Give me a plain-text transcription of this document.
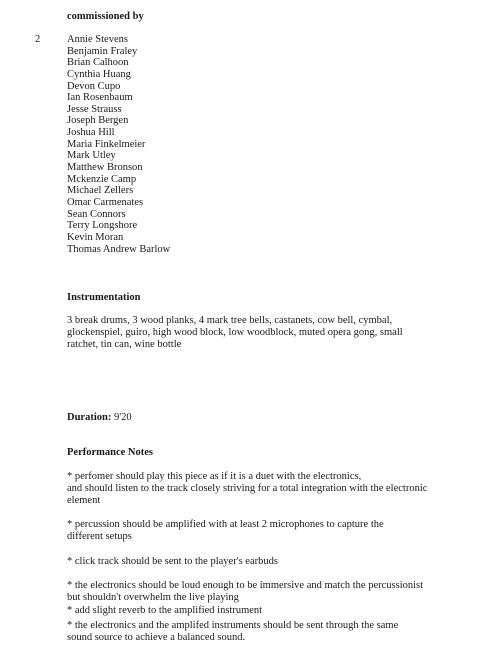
2
commissioned by
Annie Stevens
Benjamin Fraley
Brian Calhoon
Cynthia Huang
Devon Cupo
Ian Rosenbaum
Jesse Strauss
Joseph Bergen
Joshua Hill
Maria Finkelmeier
Mark Utley
Matthew Bronson
Mckenzie Camp
Michael Zellers
Omar Carmenates
Sean Connors
Terry Longshore
Kevin Moran
Thomas Andrew Barlow
Instrumentation
3 break drums, 3 wood planks, 4 mark tree bells, castanets, cow bell, cymbal,
glockenspiel, guiro, high wood block, low woodblock, muted opera gong, small
ratchet, tin can, wine bottle
Duration: 9'20
Performance Notes
* perfomer should play this piece as if it is a duet with the electronics,
and should listen to the track closely striving for a total integration with the electronic
element
* percussion should be amplified with at least 2 microphones to capture the
different setups
* click track should be sent to the player's earbuds
* the electronics should be loud enough to be immersive and match the percussionist
but shouldn't overwhelm the live playing
* add slight reverb to the amplified instrument
* the electronics and the amplifed instruments should be sent through the same
sound source to achieve a balanced sound.
